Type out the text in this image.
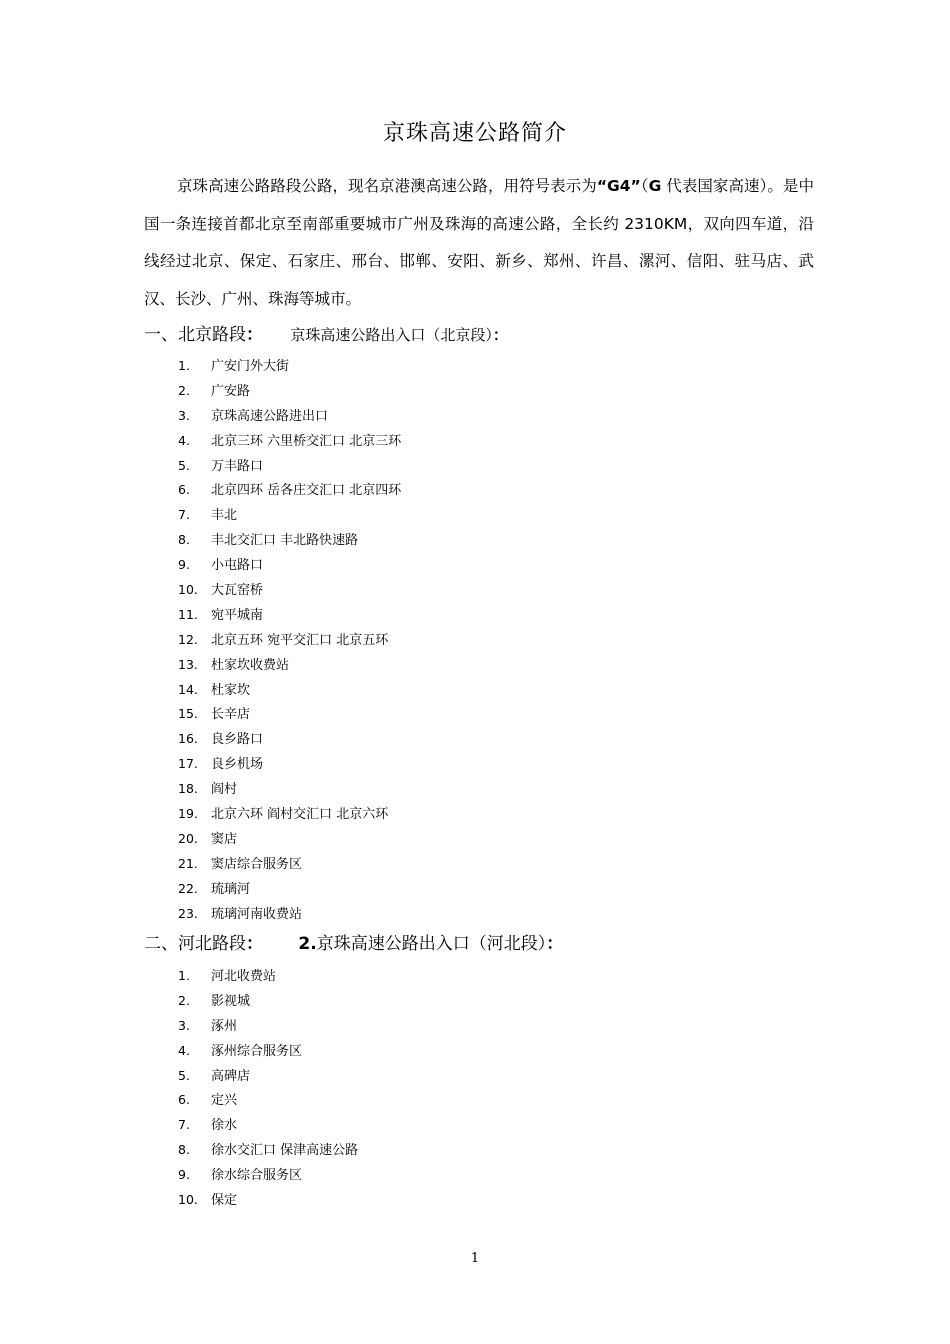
京珠高速公路简介

京珠高速公路路段公路，现名京港澳高速公路，用符号表示为“G4”（G 代表国家高速）。是中国一条连接首都北京至南部重要城市广州及珠海的高速公路，全长约 2310KM，双向四车道，沿线经过北京、保定、石家庄、邢台、邯郸、安阳、新乡、郑州、许昌、漯河、信阳、驻马店、武汉、长沙、广州、珠海等城市。

一、北京路段： 京珠高速公路出入口（北京段）：
1. 广安门外大街
2. 广安路
3. 京珠高速公路进出口
4. 北京三环 六里桥交汇口 北京三环
5. 万丰路口
6. 北京四环 岳各庄交汇口 北京四环
7. 丰北
8. 丰北交汇口 丰北路快速路
9. 小屯路口
10. 大瓦窑桥
11. 宛平城南
12. 北京五环 宛平交汇口 北京五环
13. 杜家坎收费站
14. 杜家坎
15. 长辛店
16. 良乡路口
17. 良乡机场
18. 阎村
19. 北京六环 阎村交汇口 北京六环
20. 窦店
21. 窦店综合服务区
22. 琉璃河
23. 琉璃河南收费站
二、河北路段： 2.京珠高速公路出入口（河北段）：
1. 河北收费站
2. 影视城
3. 涿州
4. 涿州综合服务区
5. 高碑店
6. 定兴
7. 徐水
8. 徐水交汇口 保津高速公路
9. 徐水综合服务区
10. 保定
1
